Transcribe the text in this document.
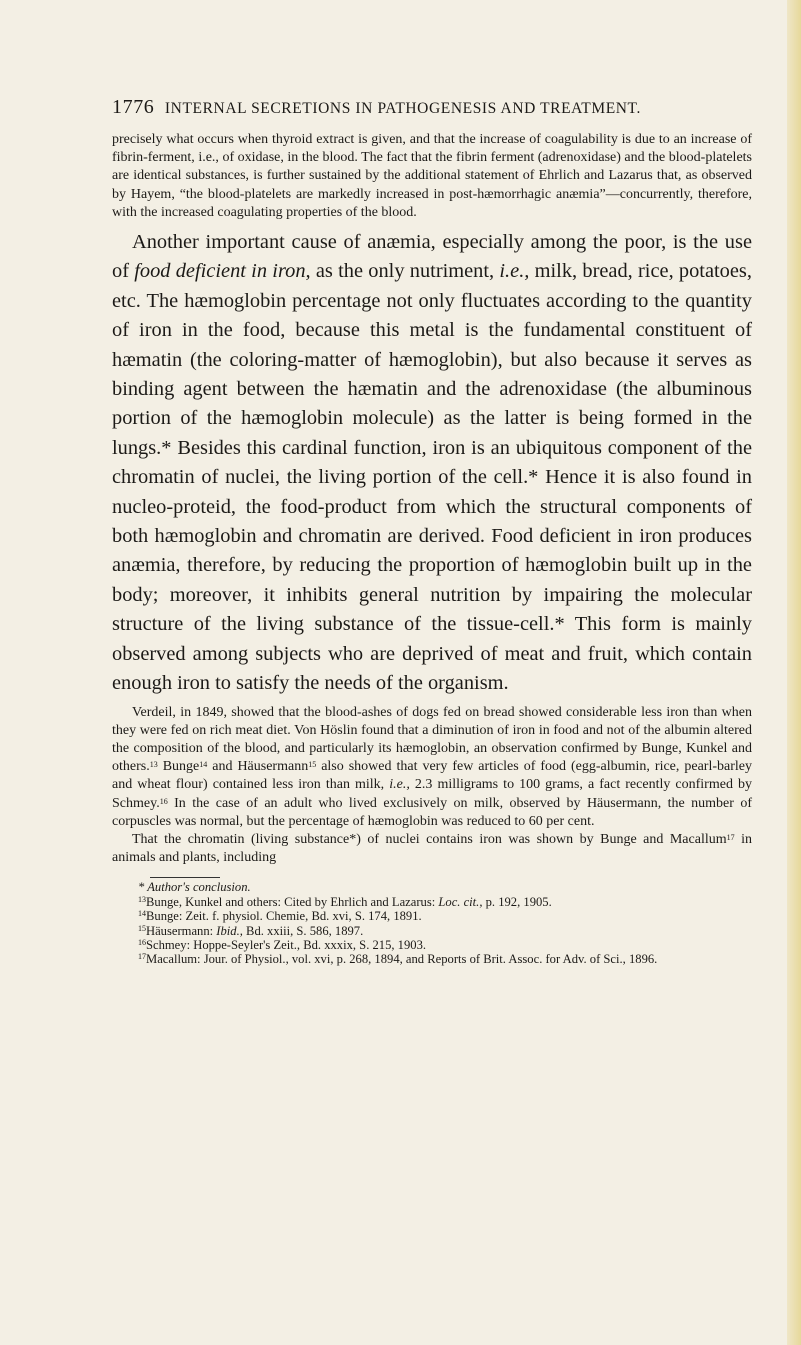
1776 INTERNAL SECRETIONS IN PATHOGENESIS AND TREATMENT.

precisely what occurs when thyroid extract is given, and that the increase of coagulability is due to an increase of fibrin-ferment, i.e., of oxidase, in the blood. The fact that the fibrin ferment (adrenoxidase) and the blood-platelets are identical substances, is further sustained by the additional statement of Ehrlich and Lazarus that, as observed by Hayem, “the blood-platelets are markedly increased in post-hæmorrhagic anæmia”—concurrently, therefore, with the increased coagulating properties of the blood.

Another important cause of anæmia, especially among the poor, is the use of food deficient in iron, as the only nutriment, i.e., milk, bread, rice, potatoes, etc. The hæmoglobin percentage not only fluctuates according to the quantity of iron in the food, because this metal is the fundamental constituent of hæmatin (the coloring-matter of hæmoglobin), but also because it serves as binding agent between the hæmatin and the adrenoxidase (the albuminous portion of the hæmoglobin molecule) as the latter is being formed in the lungs.* Besides this cardinal function, iron is an ubiquitous component of the chromatin of nuclei, the living portion of the cell.* Hence it is also found in nucleo-proteid, the food-product from which the structural components of both hæmoglobin and chromatin are derived. Food deficient in iron produces anæmia, therefore, by reducing the proportion of hæmoglobin built up in the body; moreover, it inhibits general nutrition by impairing the molecular structure of the living substance of the tissue-cell.* This form is mainly observed among subjects who are deprived of meat and fruit, which contain enough iron to satisfy the needs of the organism.

Verdeil, in 1849, showed that the blood-ashes of dogs fed on bread showed considerable less iron than when they were fed on rich meat diet. Von Höslin found that a diminution of iron in food and not of the albumin altered the composition of the blood, and particularly its hæmoglobin, an observation confirmed by Bunge, Kunkel and others.$^{13}$ Bunge$^{14}$ and Häusermann$^{15}$ also showed that very few articles of food (egg-albumin, rice, pearl-barley and wheat flour) contained less iron than milk, i.e., 2.3 milligrams to 100 grams, a fact recently confirmed by Schmey.$^{16}$ In the case of an adult who lived exclusively on milk, observed by Häusermann, the number of corpuscles was normal, but the percentage of hæmoglobin was reduced to 60 per cent.

That the chromatin (living substance*) of nuclei contains iron was shown by Bunge and Macallum$^{17}$ in animals and plants, including

* Author's conclusion.

$^{13}$Bunge, Kunkel and others: Cited by Ehrlich and Lazarus: Loc. cit., p. 192, 1905.

$^{14}$Bunge: Zeit. f. physiol. Chemie, Bd. xvi, S. 174, 1891.

$^{15}$Häusermann: Ibid., Bd. xxiii, S. 586, 1897.

$^{16}$Schmey: Hoppe-Seyler's Zeit., Bd. xxxix, S. 215, 1903.

$^{17}$Macallum: Jour. of Physiol., vol. xvi, p. 268, 1894, and Reports of Brit. Assoc. for Adv. of Sci., 1896.
